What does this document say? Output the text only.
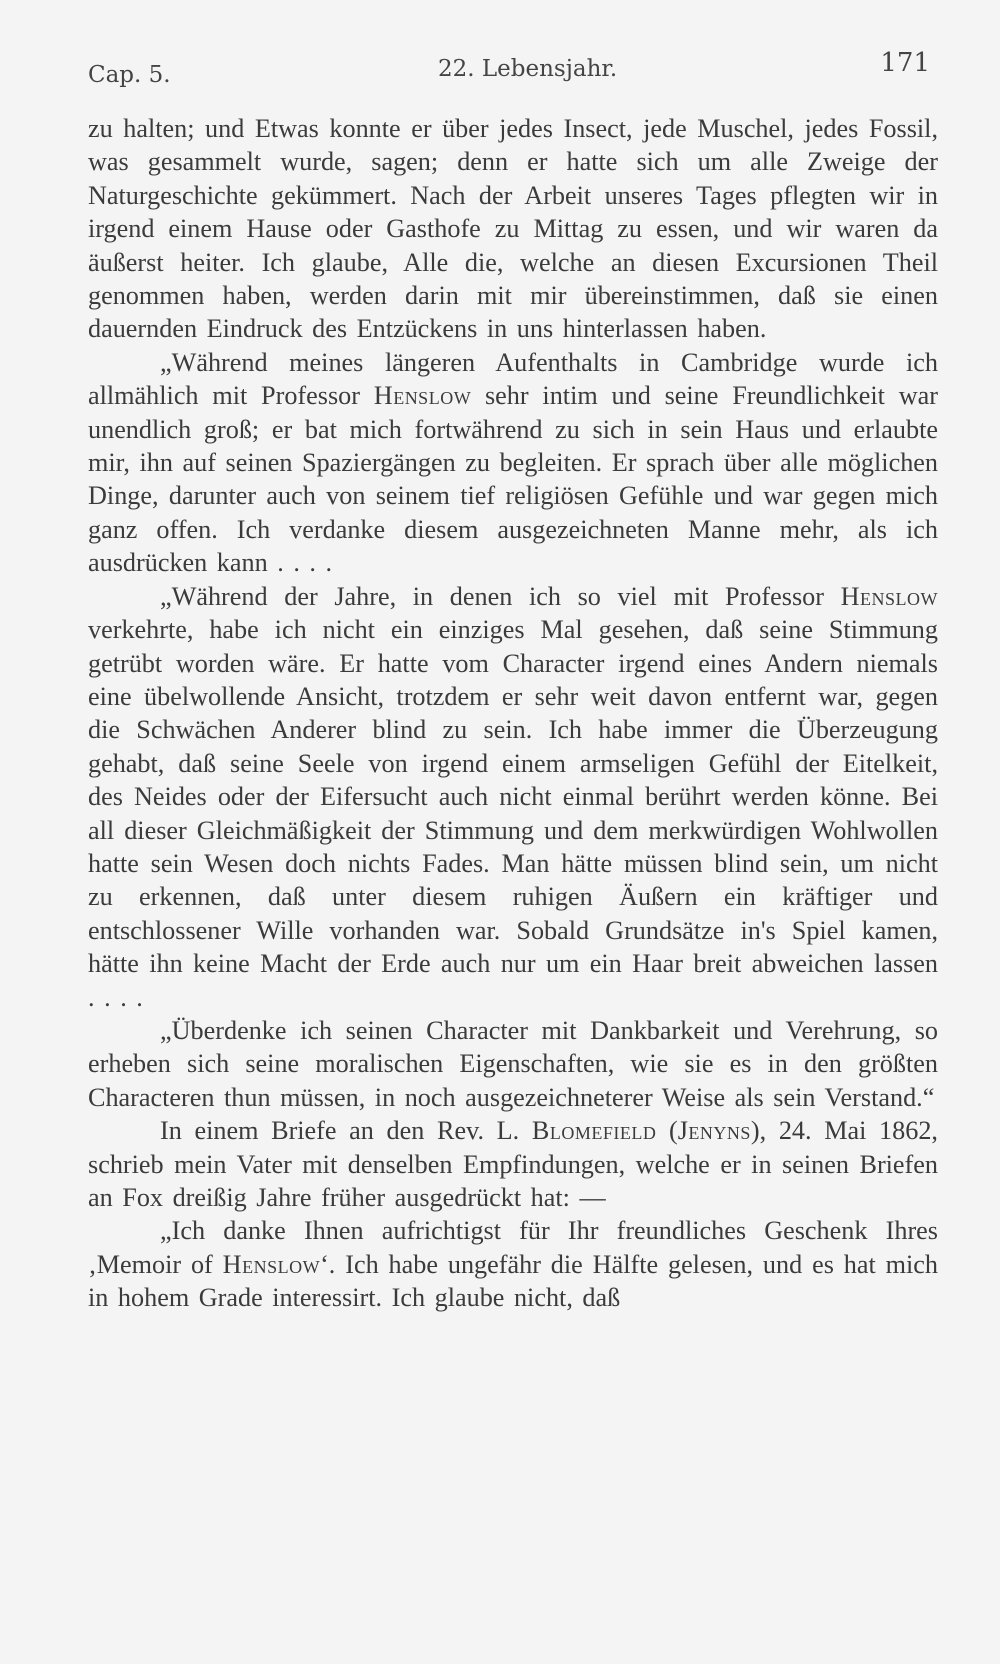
Cap. 5.	22. Lebensjahr.	171

zu halten; und Etwas konnte er über jedes Insect, jede Muschel, jedes Fossil, was gesammelt wurde, sagen; denn er hatte sich um alle Zweige der Naturgeschichte gekümmert. Nach der Arbeit unseres Tages pflegten wir in irgend einem Hause oder Gasthofe zu Mittag zu essen, und wir waren da äußerst heiter. Ich glaube, Alle die, welche an diesen Excursionen Theil genommen haben, werden darin mit mir übereinstimmen, daß sie einen dauernden Eindruck des Entzückens in uns hinterlassen haben.

„Während meines längeren Aufenthalts in Cambridge wurde ich allmählich mit Professor Henslow sehr intim und seine Freundlichkeit war unendlich groß; er bat mich fortwährend zu sich in sein Haus und erlaubte mir, ihn auf seinen Spaziergängen zu begleiten. Er sprach über alle möglichen Dinge, darunter auch von seinem tief religiösen Gefühle und war gegen mich ganz offen. Ich verdanke diesem ausgezeichneten Manne mehr, als ich ausdrücken kann . . . .

„Während der Jahre, in denen ich so viel mit Professor Henslow verkehrte, habe ich nicht ein einziges Mal gesehen, daß seine Stimmung getrübt worden wäre. Er hatte vom Character irgend eines Andern niemals eine übelwollende Ansicht, trotzdem er sehr weit davon entfernt war, gegen die Schwächen Anderer blind zu sein. Ich habe immer die Überzeugung gehabt, daß seine Seele von irgend einem armseligen Gefühl der Eitelkeit, des Neides oder der Eifersucht auch nicht einmal berührt werden könne. Bei all dieser Gleichmäßigkeit der Stimmung und dem merkwürdigen Wohlwollen hatte sein Wesen doch nichts Fades. Man hätte müssen blind sein, um nicht zu erkennen, daß unter diesem ruhigen Äußern ein kräftiger und entschlossener Wille vorhanden war. Sobald Grundsätze in's Spiel kamen, hätte ihn keine Macht der Erde auch nur um ein Haar breit abweichen lassen . . . .

„Überdenke ich seinen Character mit Dankbarkeit und Verehrung, so erheben sich seine moralischen Eigenschaften, wie sie es in den größten Characteren thun müssen, in noch ausgezeichneterer Weise als sein Verstand.“

In einem Briefe an den Rev. L. Blomefield (Jenyns), 24. Mai 1862, schrieb mein Vater mit denselben Empfindungen, welche er in seinen Briefen an Fox dreißig Jahre früher ausgedrückt hat: —

„Ich danke Ihnen aufrichtigst für Ihr freundliches Geschenk Ihres ‚Memoir of Henslow‘. Ich habe ungefähr die Hälfte gelesen, und es hat mich in hohem Grade interessirt. Ich glaube nicht, daß
